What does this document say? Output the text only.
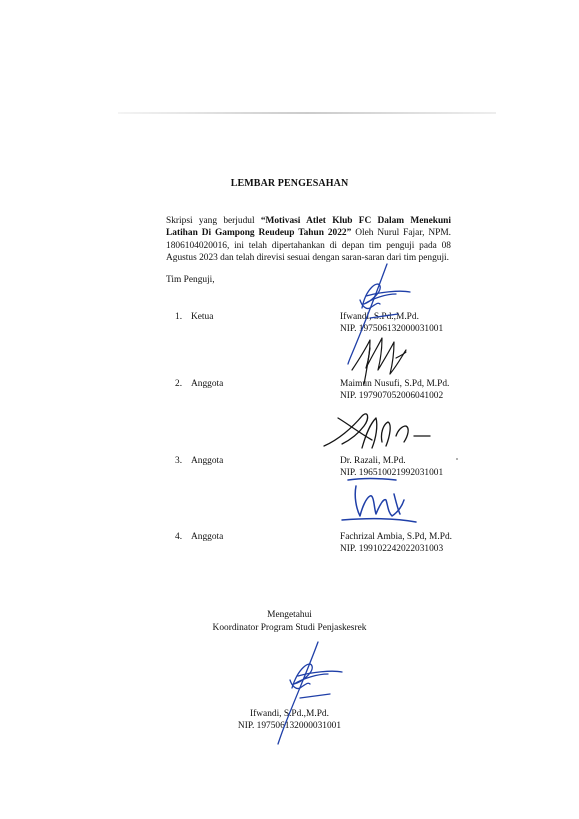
LEMBAR PENGESAHAN
Skripsi yang berjudul “Motivasi Atlet Klub FC Dalam Menekuni Latihan Di Gampong Reudeup Tahun 2022” Oleh Nurul Fajar, NPM. 1806104020016, ini telah dipertahankan di depan tim penguji pada 08 Agustus 2023 dan telah direvisi sesuai dengan saran-saran dari tim penguji.
Tim Penguji,
1. Ketua	Ifwandi, S.Pd.,M.Pd.
NIP. 197506132000031001
2. Anggota	Maimun Nusufi, S.Pd, M.Pd.
NIP. 197907052006041002
3. Anggota	Dr. Razali, M.Pd.
NIP. 196510021992031001
4. Anggota	Fachrizal Ambia, S.Pd, M.Pd.
NIP. 199102242022031003
Mengetahui
Koordinator Program Studi Penjaskesrek
Ifwandi, S.Pd.,M.Pd.
NIP. 197506132000031001
